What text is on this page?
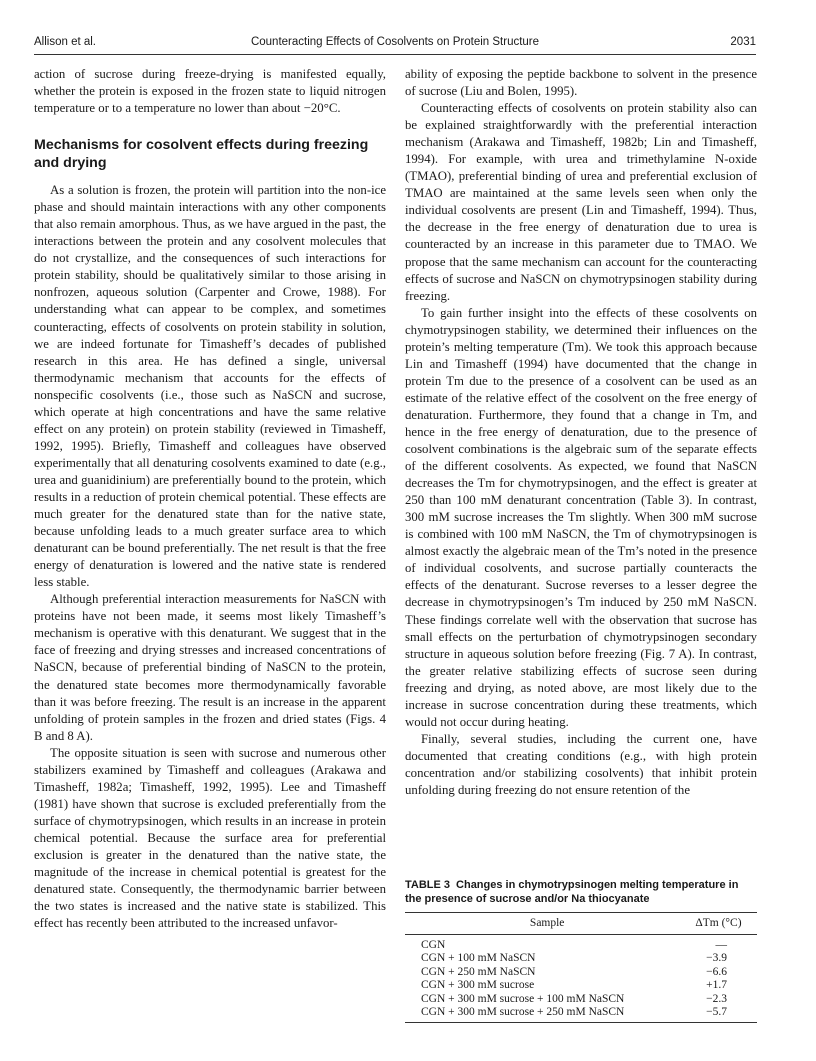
Allison et al.	Counteracting Effects of Cosolvents on Protein Structure	2031

action of sucrose during freeze-drying is manifested equally, whether the protein is exposed in the frozen state to liquid nitrogen temperature or to a temperature no lower than about −20°C.

Mechanisms for cosolvent effects during freezing and drying

As a solution is frozen, the protein will partition into the non-ice phase and should maintain interactions with any other components that also remain amorphous. Thus, as we have argued in the past, the interactions between the protein and any cosolvent molecules that do not crystallize, and the consequences of such interactions for protein stability, should be qualitatively similar to those arising in nonfrozen, aqueous solution (Carpenter and Crowe, 1988). For understanding what can appear to be complex, and sometimes counteracting, effects of cosolvents on protein stability in solution, we are indeed fortunate for Timasheff’s decades of published research in this area. He has defined a single, universal thermodynamic mechanism that accounts for the effects of nonspecific cosolvents (i.e., those such as NaSCN and sucrose, which operate at high concentrations and have the same relative effect on any protein) on protein stability (reviewed in Timasheff, 1992, 1995). Briefly, Timasheff and colleagues have observed experimentally that all denaturing cosolvents examined to date (e.g., urea and guanidinium) are preferentially bound to the protein, which results in a reduction of protein chemical potential. These effects are much greater for the denatured state than for the native state, because unfolding leads to a much greater surface area to which denaturant can be bound preferentially. The net result is that the free energy of denaturation is lowered and the native state is rendered less stable.

Although preferential interaction measurements for NaSCN with proteins have not been made, it seems most likely Timasheff’s mechanism is operative with this denaturant. We suggest that in the face of freezing and drying stresses and increased concentrations of NaSCN, because of preferential binding of NaSCN to the protein, the denatured state becomes more thermodynamically favorable than it was before freezing. The result is an increase in the apparent unfolding of protein samples in the frozen and dried states (Figs. 4 B and 8 A).

The opposite situation is seen with sucrose and numerous other stabilizers examined by Timasheff and colleagues (Arakawa and Timasheff, 1982a; Timasheff, 1992, 1995). Lee and Timasheff (1981) have shown that sucrose is excluded preferentially from the surface of chymotrypsinogen, which results in an increase in protein chemical potential. Because the surface area for preferential exclusion is greater in the denatured than the native state, the magnitude of the increase in chemical potential is greatest for the denatured state. Consequently, the thermodynamic barrier between the two states is increased and the native state is stabilized. This effect has recently been attributed to the increased unfavor-

ability of exposing the peptide backbone to solvent in the presence of sucrose (Liu and Bolen, 1995).

Counteracting effects of cosolvents on protein stability also can be explained straightforwardly with the preferential interaction mechanism (Arakawa and Timasheff, 1982b; Lin and Timasheff, 1994). For example, with urea and trimethylamine N-oxide (TMAO), preferential binding of urea and preferential exclusion of TMAO are maintained at the same levels seen when only the individual cosolvents are present (Lin and Timasheff, 1994). Thus, the decrease in the free energy of denaturation due to urea is counteracted by an increase in this parameter due to TMAO. We propose that the same mechanism can account for the counteracting effects of sucrose and NaSCN on chymotrypsinogen stability during freezing.

To gain further insight into the effects of these cosolvents on chymotrypsinogen stability, we determined their influences on the protein’s melting temperature (Tm). We took this approach because Lin and Timasheff (1994) have documented that the change in protein Tm due to the presence of a cosolvent can be used as an estimate of the relative effect of the cosolvent on the free energy of denaturation. Furthermore, they found that a change in Tm, and hence in the free energy of denaturation, due to the presence of cosolvent combinations is the algebraic sum of the separate effects of the different cosolvents. As expected, we found that NaSCN decreases the Tm for chymotrypsinogen, and the effect is greater at 250 than 100 mM denaturant concentration (Table 3). In contrast, 300 mM sucrose increases the Tm slightly. When 300 mM sucrose is combined with 100 mM NaSCN, the Tm of chymotrypsinogen is almost exactly the algebraic mean of the Tm’s noted in the presence of individual cosolvents, and sucrose partially counteracts the effects of the denaturant. Sucrose reverses to a lesser degree the decrease in chymotrypsinogen’s Tm induced by 250 mM NaSCN. These findings correlate well with the observation that sucrose has small effects on the perturbation of chymotrypsinogen secondary structure in aqueous solution before freezing (Fig. 7 A). In contrast, the greater relative stabilizing effects of sucrose seen during freezing and drying, as noted above, are most likely due to the increase in sucrose concentration during these treatments, which would not occur during heating.

Finally, several studies, including the current one, have documented that creating conditions (e.g., with high protein concentration and/or stabilizing cosolvents) that inhibit protein unfolding during freezing do not ensure retention of the

TABLE 3 Changes in chymotrypsinogen melting temperature in the presence of sucrose and/or Na thiocyanate
Sample	ΔTm (°C)
CGN	—
CGN + 100 mM NaSCN	−3.9
CGN + 250 mM NaSCN	−6.6
CGN + 300 mM sucrose	+1.7
CGN + 300 mM sucrose + 100 mM NaSCN	−2.3
CGN + 300 mM sucrose + 250 mM NaSCN	−5.7
